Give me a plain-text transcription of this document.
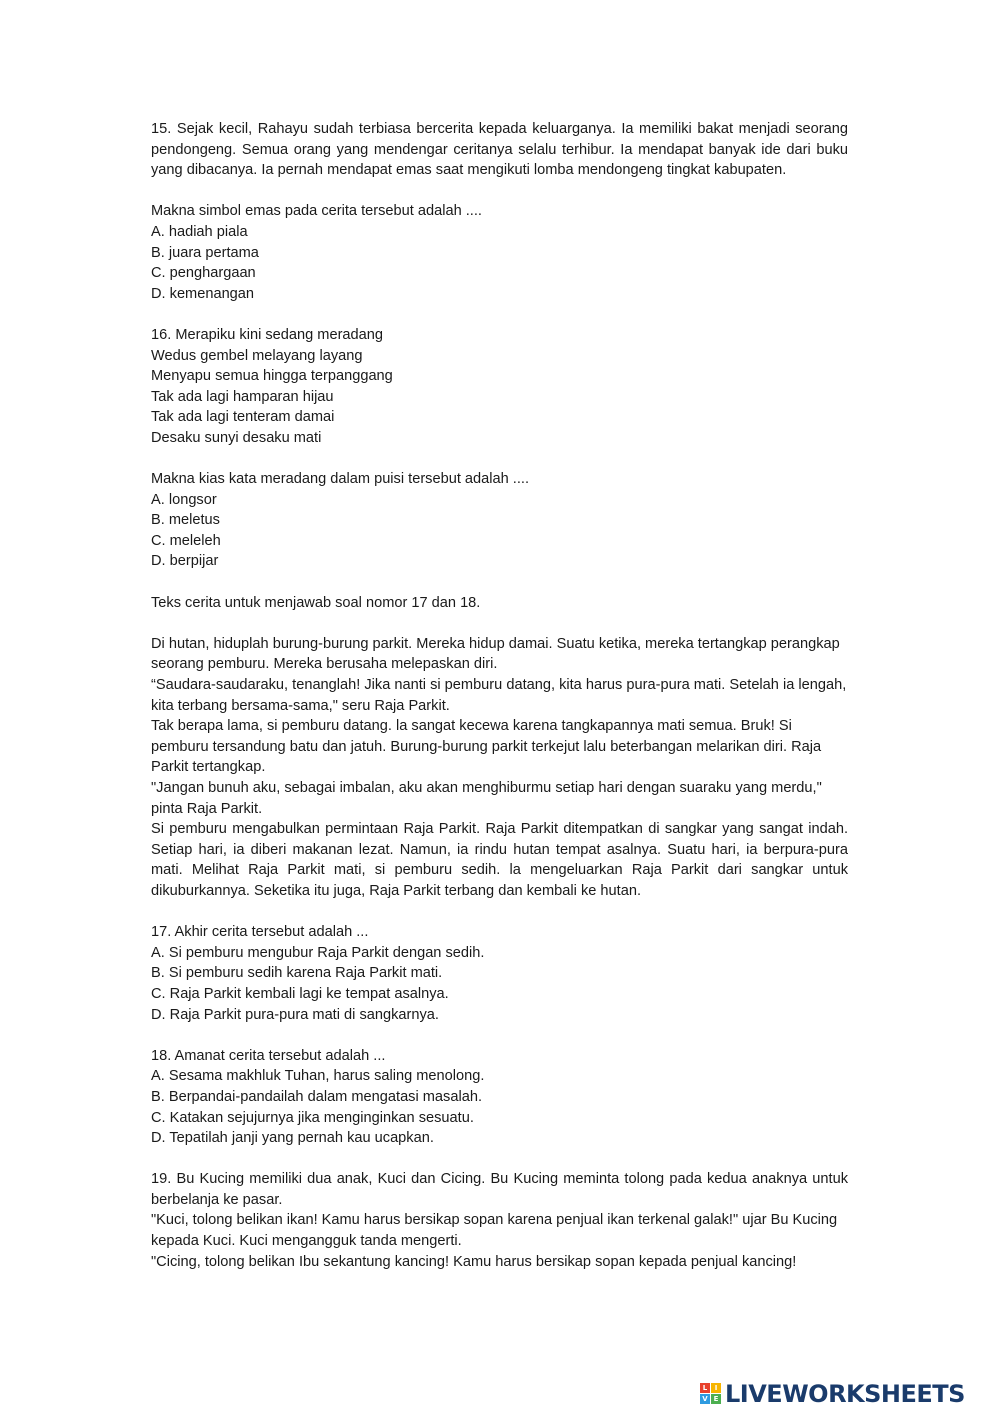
15. Sejak kecil, Rahayu sudah terbiasa bercerita kepada keluarganya. Ia memiliki bakat menjadi seorang pendongeng. Semua orang yang mendengar ceritanya selalu terhibur. Ia mendapat banyak ide dari buku yang dibacanya. Ia pernah mendapat emas saat mengikuti lomba mendongeng tingkat kabupaten.

Makna simbol emas pada cerita tersebut adalah ....

A. hadiah piala

B. juara pertama

C. penghargaan

D. kemenangan

16. Merapiku kini sedang meradang

Wedus gembel melayang layang

Menyapu semua hingga terpanggang

Tak ada lagi hamparan hijau

Tak ada lagi tenteram damai

Desaku sunyi desaku mati

Makna kias kata meradang dalam puisi tersebut adalah ....

A. longsor

B. meletus

C. meleleh

D. berpijar

Teks cerita untuk menjawab soal nomor 17 dan 18.

Di hutan, hiduplah burung-burung parkit. Mereka hidup damai. Suatu ketika, mereka tertangkap perangkap seorang pemburu. Mereka berusaha melepaskan diri.

“Saudara-saudaraku, tenanglah! Jika nanti si pemburu datang, kita harus pura-pura mati. Setelah ia lengah, kita terbang bersama-sama," seru Raja Parkit.

Tak berapa lama, si pemburu datang. la sangat kecewa karena tangkapannya mati semua. Bruk! Si pemburu tersandung batu dan jatuh. Burung-burung parkit terkejut lalu beterbangan melarikan diri. Raja Parkit tertangkap.

"Jangan bunuh aku, sebagai imbalan, aku akan menghiburmu setiap hari dengan suaraku yang merdu," pinta Raja Parkit.

Si pemburu mengabulkan permintaan Raja Parkit. Raja Parkit ditempatkan di sangkar yang sangat indah. Setiap hari, ia diberi makanan lezat. Namun, ia rindu hutan tempat asalnya. Suatu hari, ia berpura-pura mati. Melihat Raja Parkit mati, si pemburu sedih. la mengeluarkan Raja Parkit dari sangkar untuk dikuburkannya. Seketika itu juga, Raja Parkit terbang dan kembali ke hutan.

17. Akhir cerita tersebut adalah ...

A. Si pemburu mengubur Raja Parkit dengan sedih.

B. Si pemburu sedih karena Raja Parkit mati.

C. Raja Parkit kembali lagi ke tempat asalnya.

D. Raja Parkit pura-pura mati di sangkarnya.

18. Amanat cerita tersebut adalah ...

A. Sesama makhluk Tuhan, harus saling menolong.

B. Berpandai-pandailah dalam mengatasi masalah.

C. Katakan sejujurnya jika menginginkan sesuatu.

D. Tepatilah janji yang pernah kau ucapkan.

19. Bu Kucing memiliki dua anak, Kuci dan Cicing. Bu Kucing meminta tolong pada kedua anaknya untuk berbelanja ke pasar.

"Kuci, tolong belikan ikan! Kamu harus bersikap sopan karena penjual ikan terkenal galak!" ujar Bu Kucing kepada Kuci. Kuci mengangguk tanda mengerti.

"Cicing, tolong belikan Ibu sekantung kancing! Kamu harus bersikap sopan kepada penjual kancing!

L	I
V E LIVEWORKSHEETS
